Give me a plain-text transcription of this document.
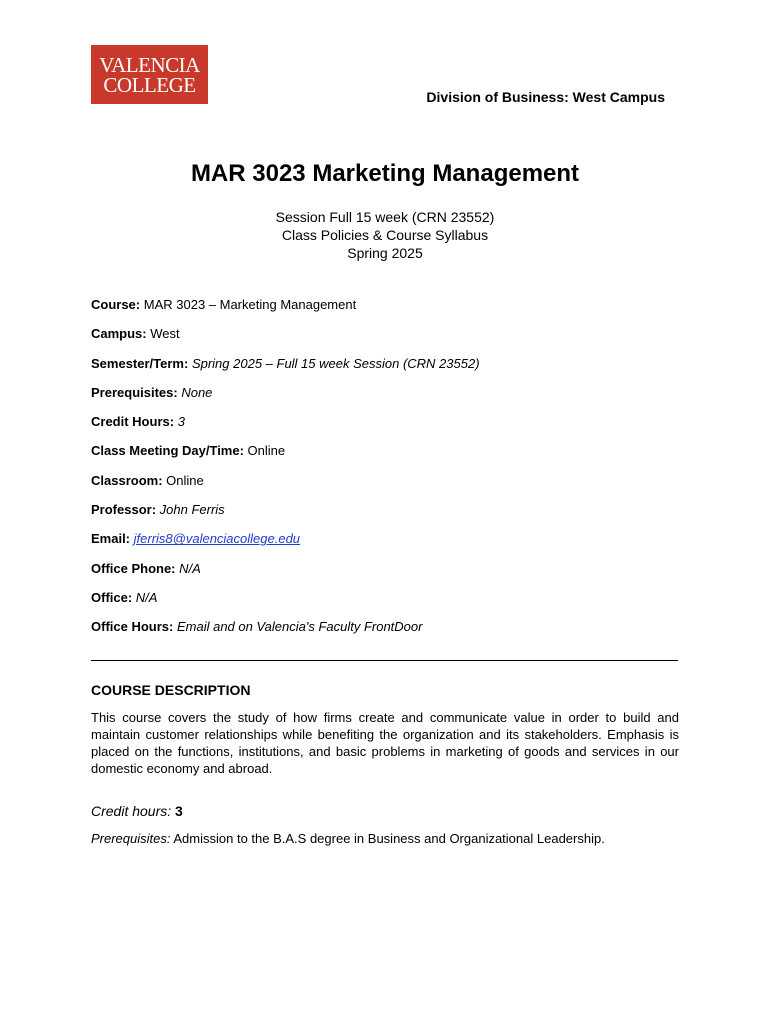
VALENCIA
COLLEGE
Division of Business: West Campus
MAR 3023 Marketing Management
Session Full 15 week (CRN 23552)
Class Policies & Course Syllabus
Spring 2025
Course: MAR 3023 – Marketing Management
Campus: West
Semester/Term: Spring 2025 – Full 15 week Session (CRN 23552)
Prerequisites: None
Credit Hours: 3
Class Meeting Day/Time: Online
Classroom: Online
Professor: John Ferris
Email: jferris8@valenciacollege.edu
Office Phone: N/A
Office: N/A
Office Hours: Email and on Valencia's Faculty FrontDoor
COURSE DESCRIPTION
This course covers the study of how firms create and communicate value in order to build and maintain customer relationships while benefiting the organization and its stakeholders. Emphasis is placed on the functions, institutions, and basic problems in marketing of goods and services in our domestic economy and abroad.
Credit hours: 3
Prerequisites: Admission to the B.A.S degree in Business and Organizational Leadership.
